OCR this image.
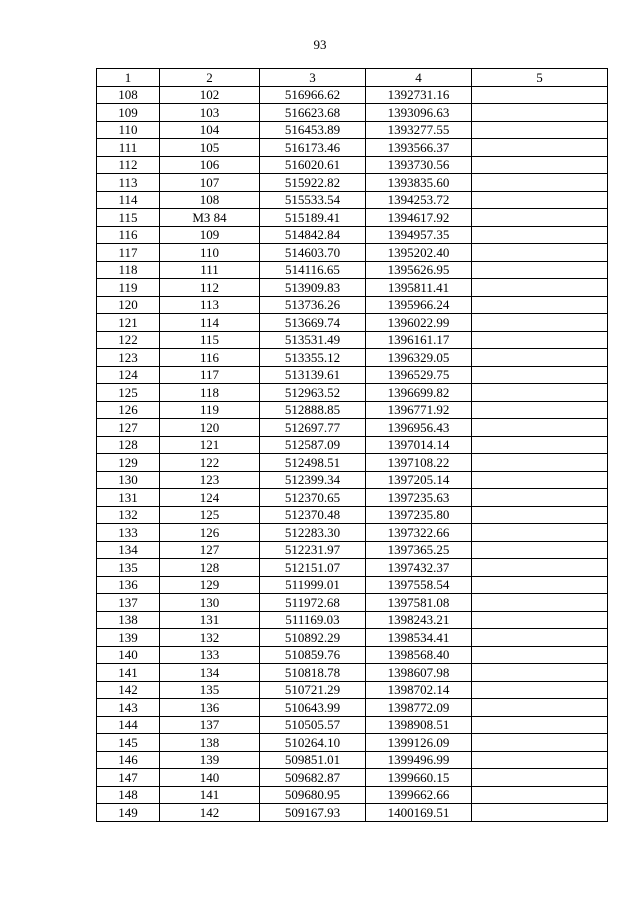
93
1	2	3	4	5
108	102	516966.62	1392731.16	
109	103	516623.68	1393096.63	
110	104	516453.89	1393277.55	
111	105	516173.46	1393566.37	
112	106	516020.61	1393730.56	
113	107	515922.82	1393835.60	
114	108	515533.54	1394253.72	
115	МЗ 84	515189.41	1394617.92	
116	109	514842.84	1394957.35	
117	110	514603.70	1395202.40	
118	111	514116.65	1395626.95	
119	112	513909.83	1395811.41	
120	113	513736.26	1395966.24	
121	114	513669.74	1396022.99	
122	115	513531.49	1396161.17	
123	116	513355.12	1396329.05	
124	117	513139.61	1396529.75	
125	118	512963.52	1396699.82	
126	119	512888.85	1396771.92	
127	120	512697.77	1396956.43	
128	121	512587.09	1397014.14	
129	122	512498.51	1397108.22	
130	123	512399.34	1397205.14	
131	124	512370.65	1397235.63	
132	125	512370.48	1397235.80	
133	126	512283.30	1397322.66	
134	127	512231.97	1397365.25	
135	128	512151.07	1397432.37	
136	129	511999.01	1397558.54	
137	130	511972.68	1397581.08	
138	131	511169.03	1398243.21	
139	132	510892.29	1398534.41	
140	133	510859.76	1398568.40	
141	134	510818.78	1398607.98	
142	135	510721.29	1398702.14	
143	136	510643.99	1398772.09	
144	137	510505.57	1398908.51	
145	138	510264.10	1399126.09	
146	139	509851.01	1399496.99	
147	140	509682.87	1399660.15	
148	141	509680.95	1399662.66	
149	142	509167.93	1400169.51	
